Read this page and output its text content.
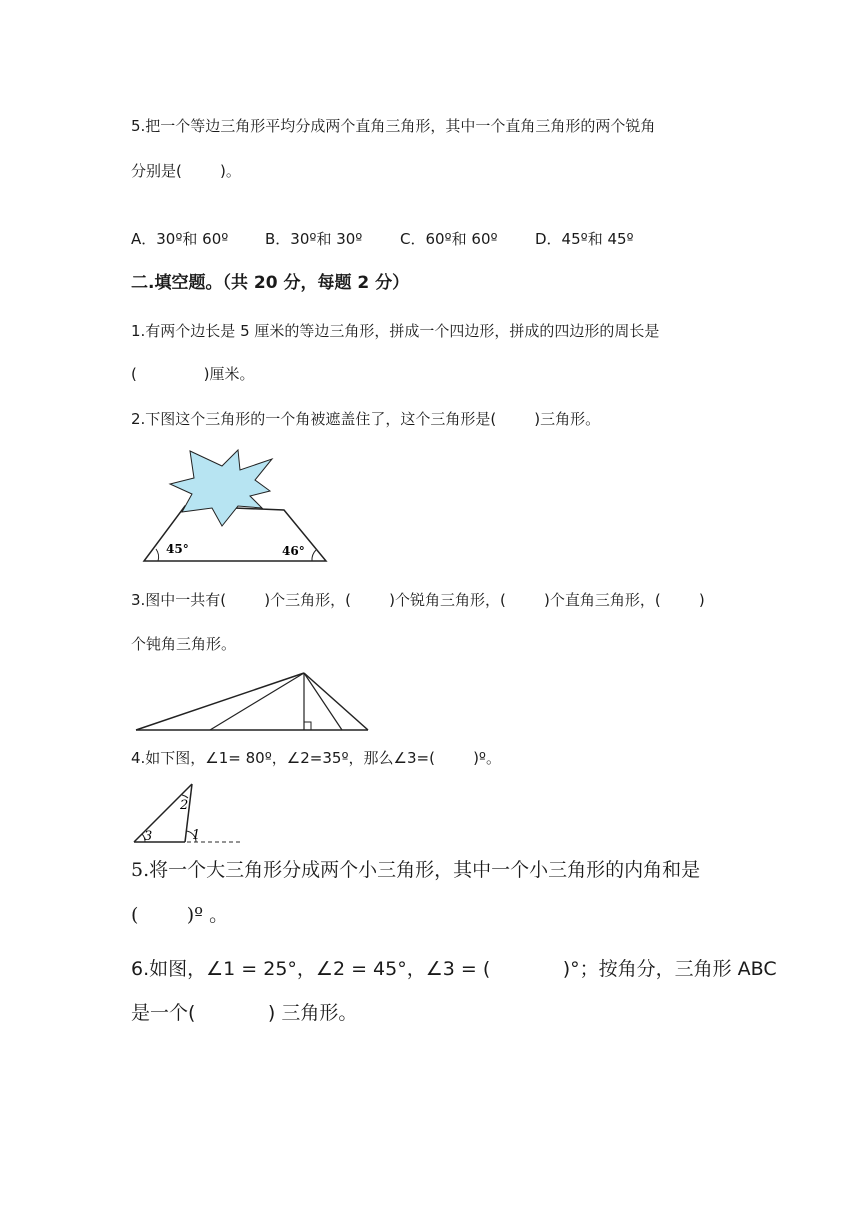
5.把一个等边三角形平均分成两个直角三角形，其中一个直角三角形的两个锐角
分别是(        )。
A．30º和 60º B．30º和 30º	C．60º和 60º D．45º和 45º
二.填空题。（共 20 分，每题 2 分）
1.有两个边长是 5 厘米的等边三角形，拼成一个四边形，拼成的四边形的周长是
(              )厘米。
2.下图这个三角形的一个角被遮盖住了，这个三角形是(        )三角形。
45°	46°
3.图中一共有(        )个三角形，(        )个锐角三角形，(        )个直角三角形，(        )
个钝角三角形。
4.如下图，∠1= 80º，∠2=35º，那么∠3=(        )º。
2
3	1
5.将一个大三角形分成两个小三角形，其中一个小三角形的内角和是
(        )º 。
6.如图，∠1 = 25°，∠2 = 45°，∠3 = (            )°；按角分，三角形 ABC
是一个(            ) 三角形。
